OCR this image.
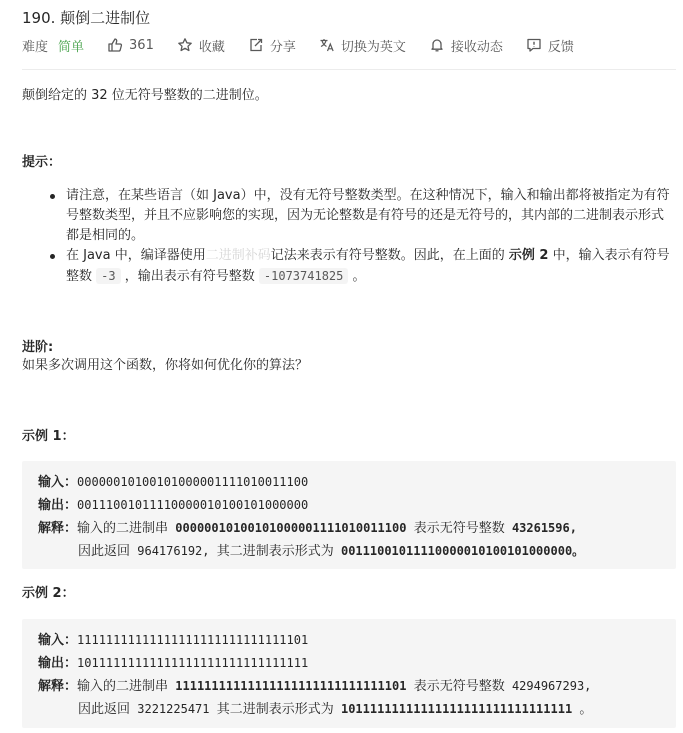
190. 颠倒二进制位
难度 简单	361	收藏	分享	切换为英文	接收动态	反馈
颠倒给定的 32 位无符号整数的二进制位。
提示：
请注意，在某些语言（如 Java）中，没有无符号整数类型。在这种情况下，输入和输出都将被指定为有符号整数类型，并且不应影响您的实现，因为无论整数是有符号的还是无符号的，其内部的二进制表示形式都是相同的。
在 Java 中，编译器使用二进制补码记法来表示有符号整数。因此，在上面的 示例 2 中，输入表示有符号整数 -3 ，输出表示有符号整数 -1073741825 。
进阶:
如果多次调用这个函数，你将如何优化你的算法？
示例 1：
输入：00000010100101000001111010011100
输出：00111001011110000010100101000000
解释：输入的二进制串 00000010100101000001111010011100 表示无符号整数 43261596,
因此返回 964176192, 其二进制表示形式为 00111001011110000010100101000000。
示例 2：
输入：11111111111111111111111111111101
输出：10111111111111111111111111111111
解释：输入的二进制串 11111111111111111111111111111101 表示无符号整数 4294967293,
因此返回 3221225471 其二进制表示形式为 10111111111111111111111111111111 。
